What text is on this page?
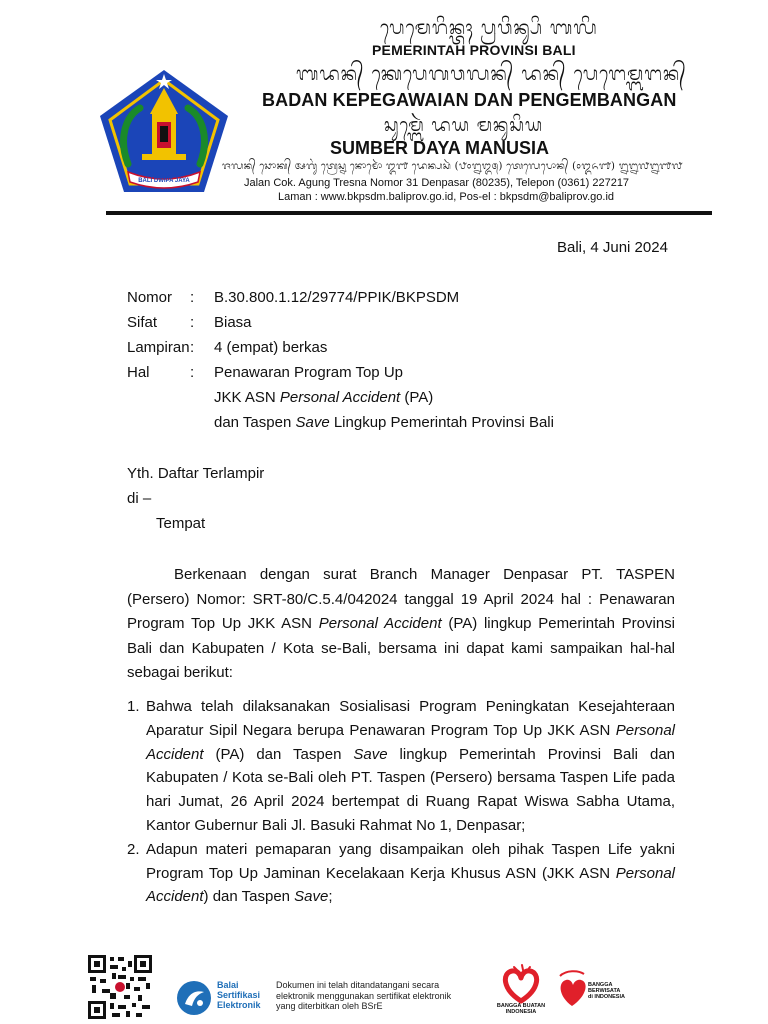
BALI DWIPA JAYA
ᬧᬾᬫᬾᬭᬶᬦ᭄ᬢᬄ ᬧ᭄ᬭᬯᬶᬦ᭄ᬲᬶ ᬩᬮᬶ
PEMERINTAH PROVINSI BALI
ᬩᬤᬦ᭄ ᬓᬾᬧᬾᬕᬯᬮᬦ᭄ ᬤᬦ᭄ ᬧᬾᬗᬾᬫ᭄ᬩᬗᬦ᭄
BADAN KEPEGAWAIAN DAN PENGEMBANGAN
ᬲᬸᬫ᭄ᬩᬾᬃ ᬤᬬ ᬫᬦᬸᬲᬶᬬ
SUMBER DAYA MANUSIA
ᬚᬮᬦ᭄ ᬘᭀᬓ᭄ ᬅᬕᬸᬂ ᬢ᭄ᬭᬾᬲ᭄ᬦ ᬦᭀᬫᭀᬃ ᭓᭑ ᬤᬾᬦ᭄ᬧᬲᬃ (᭘᭐᭒᭓᭕) ᬢᬾᬮᬾᬧᭀᬦ᭄ (᭐᭓᭖᭑) ᭒᭒᭗᭒᭑᭗
Jalan Cok. Agung Tresna Nomor 31 Denpasar (80235), Telepon (0361) 227217
Laman : www.bkpsdm.baliprov.go.id, Pos-el : bkpsdm@baliprov.go.id
Bali, 4 Juni 2024
Nomor : B.30.800.1.12/29774/PPIK/BKPSDM
Sifat : Biasa
Lampiran : 4 (empat) berkas
Hal	: Penawaran Program Top Up
JKK ASN Personal Accident (PA)
dan Taspen Save Lingkup Pemerintah Provinsi Bali
Yth. Daftar Terlampir
di –
Tempat
Berkenaan dengan surat Branch Manager Denpasar PT. TASPEN (Persero) Nomor: SRT-80/C.5.4/042024 tanggal 19 April 2024 hal : Penawaran Program Top Up JKK ASN Personal Accident (PA) lingkup Pemerintah Provinsi Bali dan Kabupaten / Kota se-Bali, bersama ini dapat kami sampaikan hal-hal sebagai berikut:
1. Bahwa telah dilaksanakan Sosialisasi Program Peningkatan Kesejahteraan Aparatur Sipil Negara berupa Penawaran Program Top Up JKK ASN Personal Accident (PA) dan Taspen Save lingkup Pemerintah Provinsi Bali dan Kabupaten / Kota se-Bali oleh PT. Taspen (Persero) bersama Taspen Life pada hari Jumat, 26 April 2024 bertempat di Ruang Rapat Wiswa Sabha Utama, Kantor Gubernur Bali Jl. Basuki Rahmat No 1, Denpasar;
2. Adapun materi pemaparan yang disampaikan oleh pihak Taspen Life yakni Program Top Up Jaminan Kecelakaan Kerja Khusus ASN (JKK ASN Personal Accident) dan Taspen Save;
Balai
Sertifikasi
Elektronik
Dokumen ini telah ditandatangani secara
elektronik menggunakan sertifikat elektronik
yang diterbitkan oleh BSrE	BANGGA BUATAN
INDONESIA
BANGGA
BERWISATA
di INDONESIA
